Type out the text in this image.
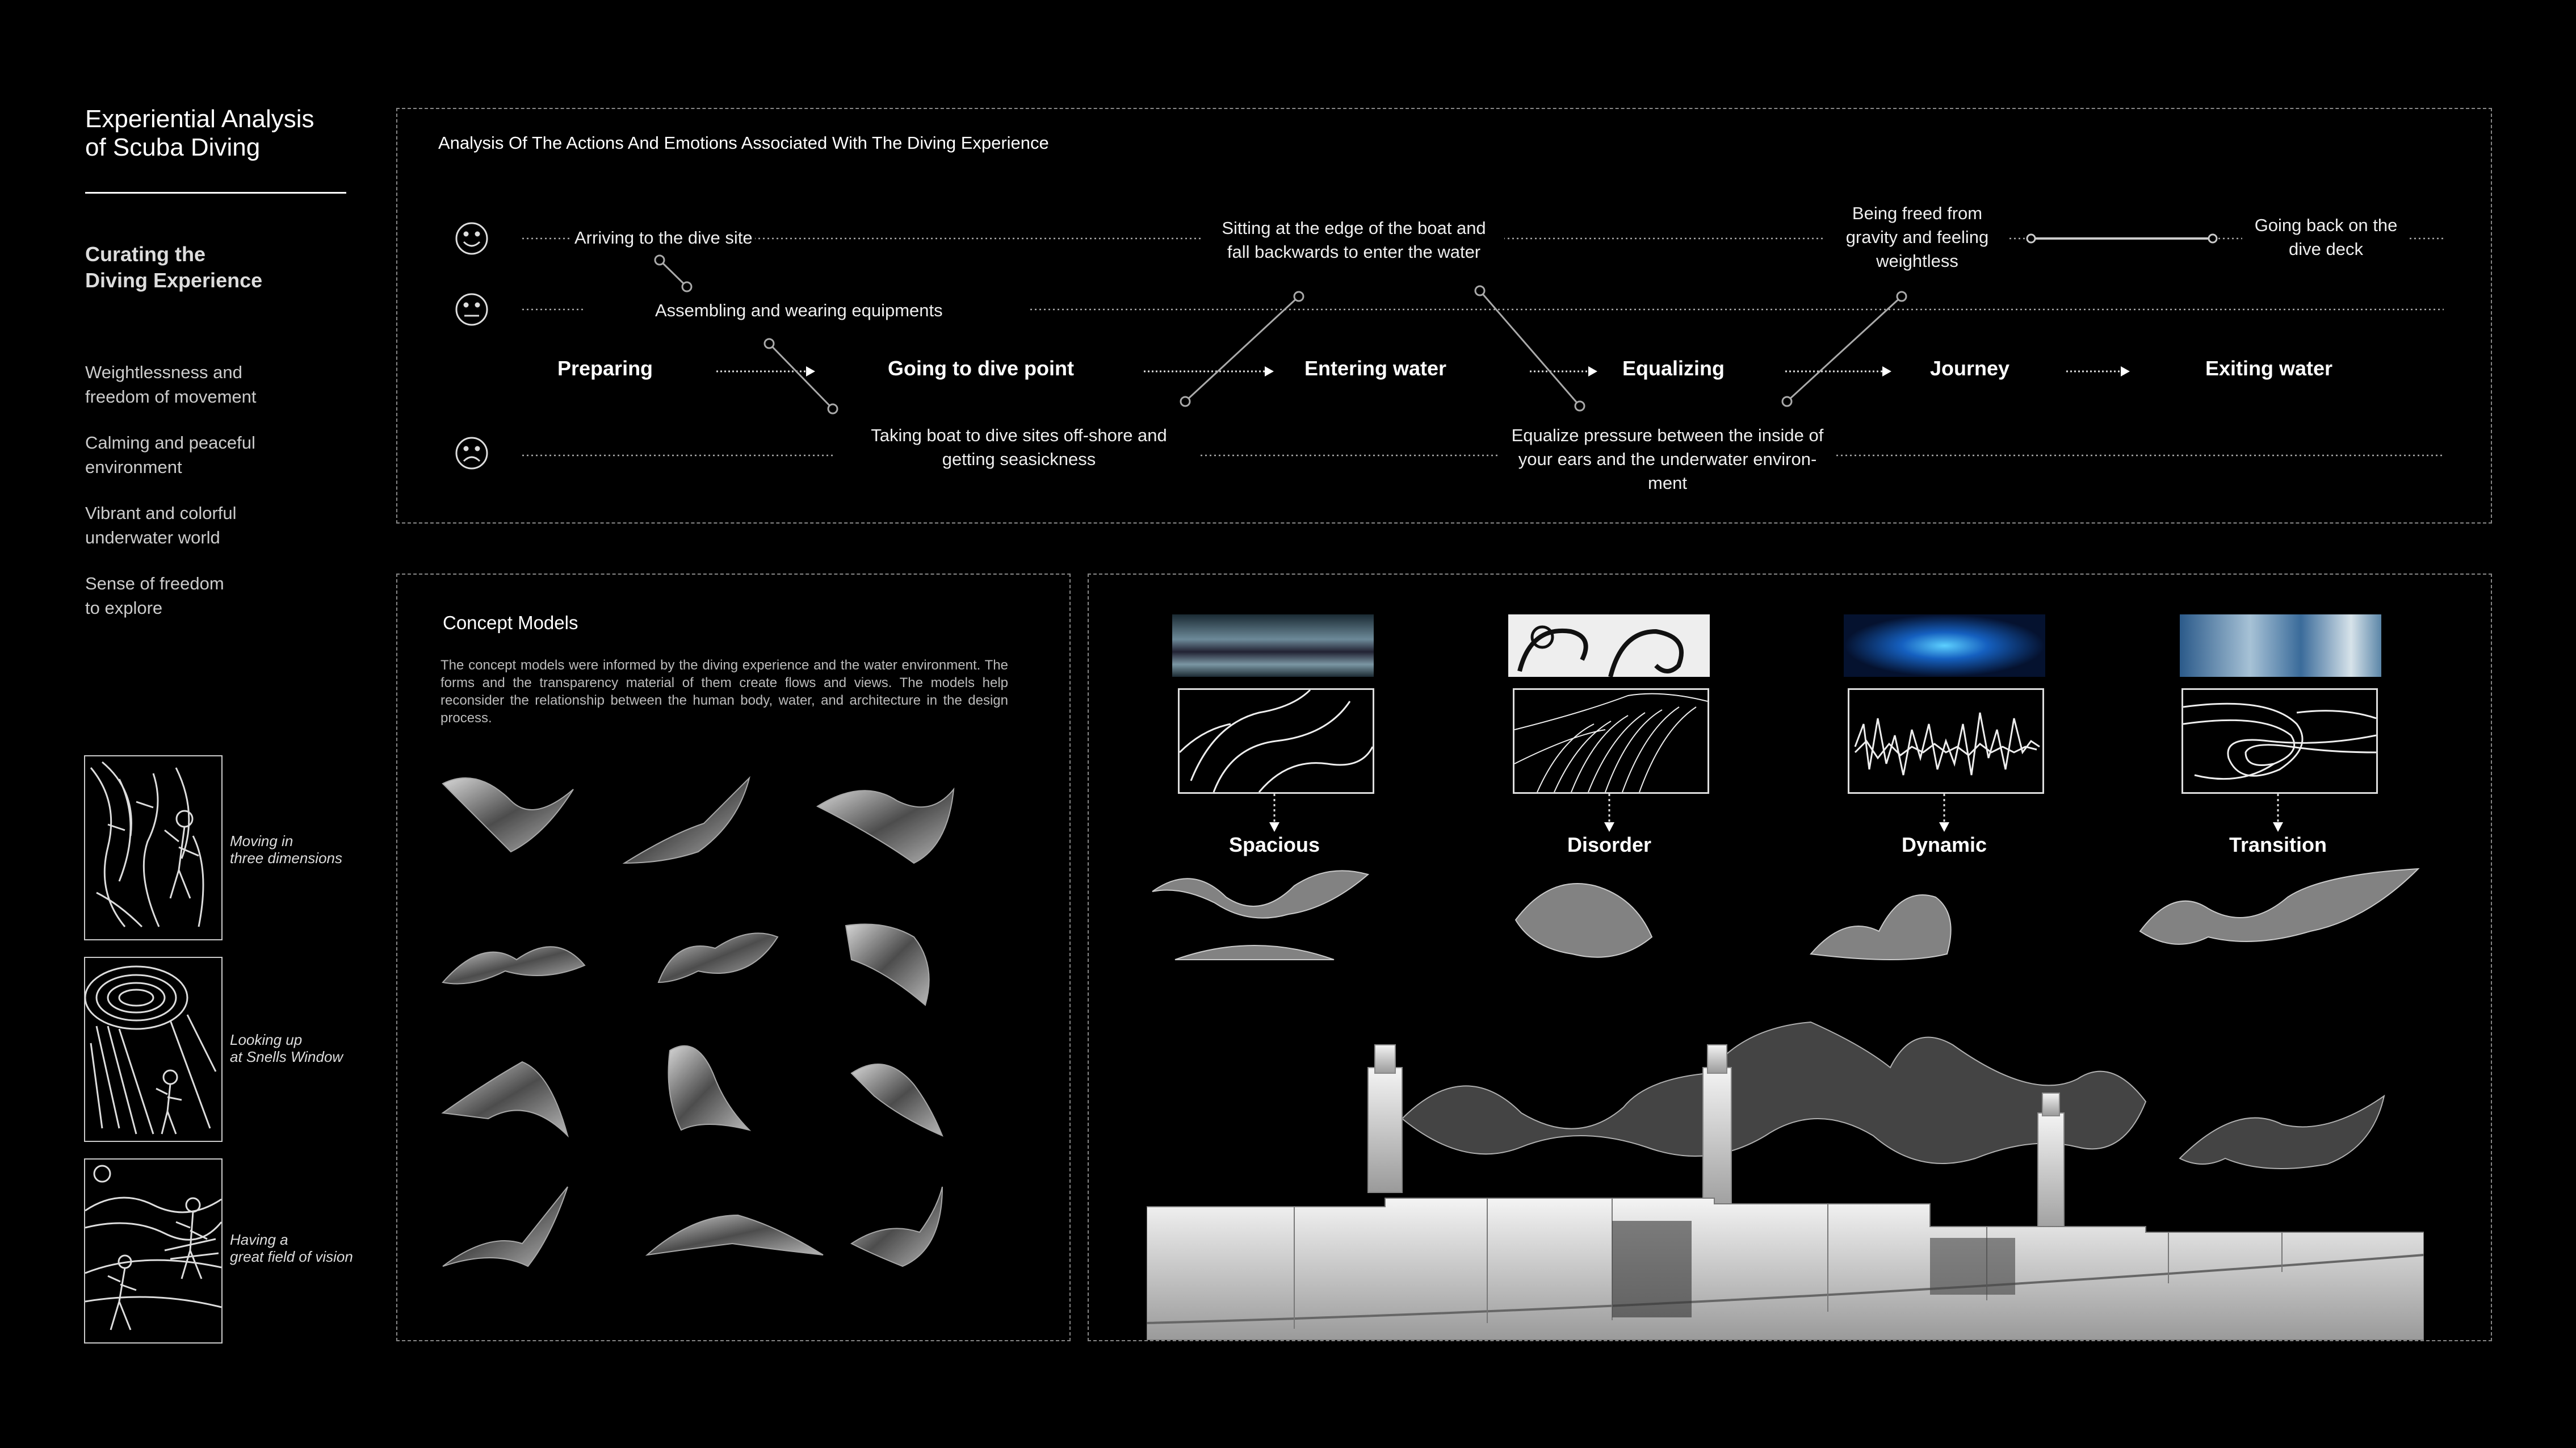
Experiential Analysis
of Scuba Diving
Curating the
Diving Experience
Weightlessness and
freedom of movement
Calming and peaceful
environment
Vibrant and colorful
underwater world
Sense of freedom
to explore
Moving in
three dimensions
Looking up
at Snells Window
Having a
great field of vision
Analysis Of The Actions And Emotions Associated With The Diving Experience
Arriving to the dive site
Assembling and wearing equipments
Taking boat to dive sites off-shore and
getting seasickness
Sitting at the edge of the boat and
fall backwards to enter the water
Equalize pressure between the inside of
your ears and the underwater environ-
ment
Being freed from
gravity and feeling
weightless
Going back on the
dive deck
Preparing	Going to dive point	Entering water	Equalizing	Journey	Exiting water
Concept Models
The concept models were informed by the diving experience and the water environment. The forms and the transparency material of them create flows and views. The models help reconsider the relationship between the human body, water, and architecture in the design process.
Spacious	Disorder	Dynamic	Transition
